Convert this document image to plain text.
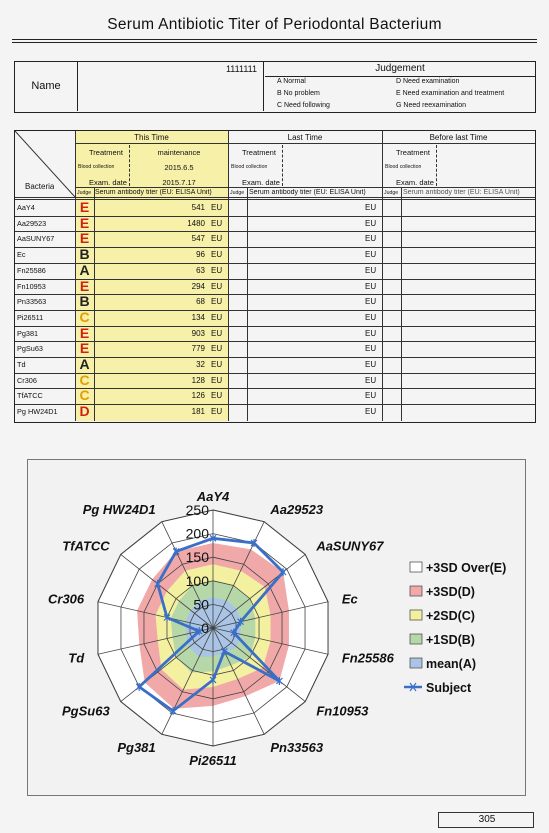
Serum Antibiotic Titer of Periodontal Bacterium
Name
1111111	Judgement
A Normal
B No problem
C Need following
D Need examination
E Need examination and treatment
G Need reexamination
Bacteria
This Time	Last Time	Before last Time
Treatment
Blood collection
Exam. date
maintenance
2015.6.5
2015.7.17
Treatment
Blood collection
Exam. date
Treatment
Blood collection
Exam. date
Judge Serum antibody titer (EU: ELISA Unit)	Judge Serum antibody titer (EU: ELISA Unit)	Judge Serum antibody titer (EU: ELISA Unit)
AaY4	E	541 EU	EU
Aa29523	E	1480 EU	EU
AaSUNY67	E	547 EU	EU
Ec	B	96 EU	EU
Fn25586	A	63 EU	EU
Fn10953	E	294 EU	EU
Pn33563	B	68 EU	EU
Pi26511	C	134 EU	EU
Pg381	E	903 EU	EU
PgSu63	E	779 EU	EU
Td	A	32 EU	EU
Cr306	C	128 EU	EU
TfATCC	C	126 EU	EU
Pg HW24D1	D	181 EU	EU
0
50
100
150
200
250
AaY4
Aa29523
AaSUNY67
Ec
Fn25586
Fn10953
Pn33563
Pi26511
Pg381
PgSu63
Td
Cr306
TfATCC
Pg HW24D1
+3SD Over(E)
+3SD(D)
+2SD(C)
+1SD(B)
mean(A)
Subject
305
